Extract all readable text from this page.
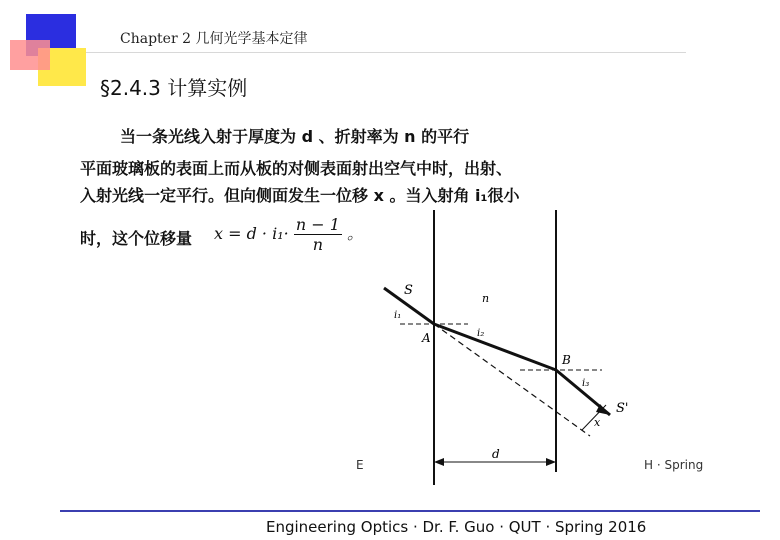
Chapter 2 几何光学基本定律
§2.4.3 计算实例
当一条光线入射于厚度为 d 、折射率为 n 的平行
平面玻璃板的表面上而从板的对侧表面射出空气中时，出射、
入射光线一定平行。但向侧面发生一位移 x 。当入射角 i₁很小
时，这个位移量 $x = d \cdot i_1\cdot \frac{n - 1}{n}$ 。
E	H · Spring
S
n
i₁
A	i₂
B
i₃
S'
x
d
Engineering Optics · Dr. F. Guo · QUT · Spring 2016
